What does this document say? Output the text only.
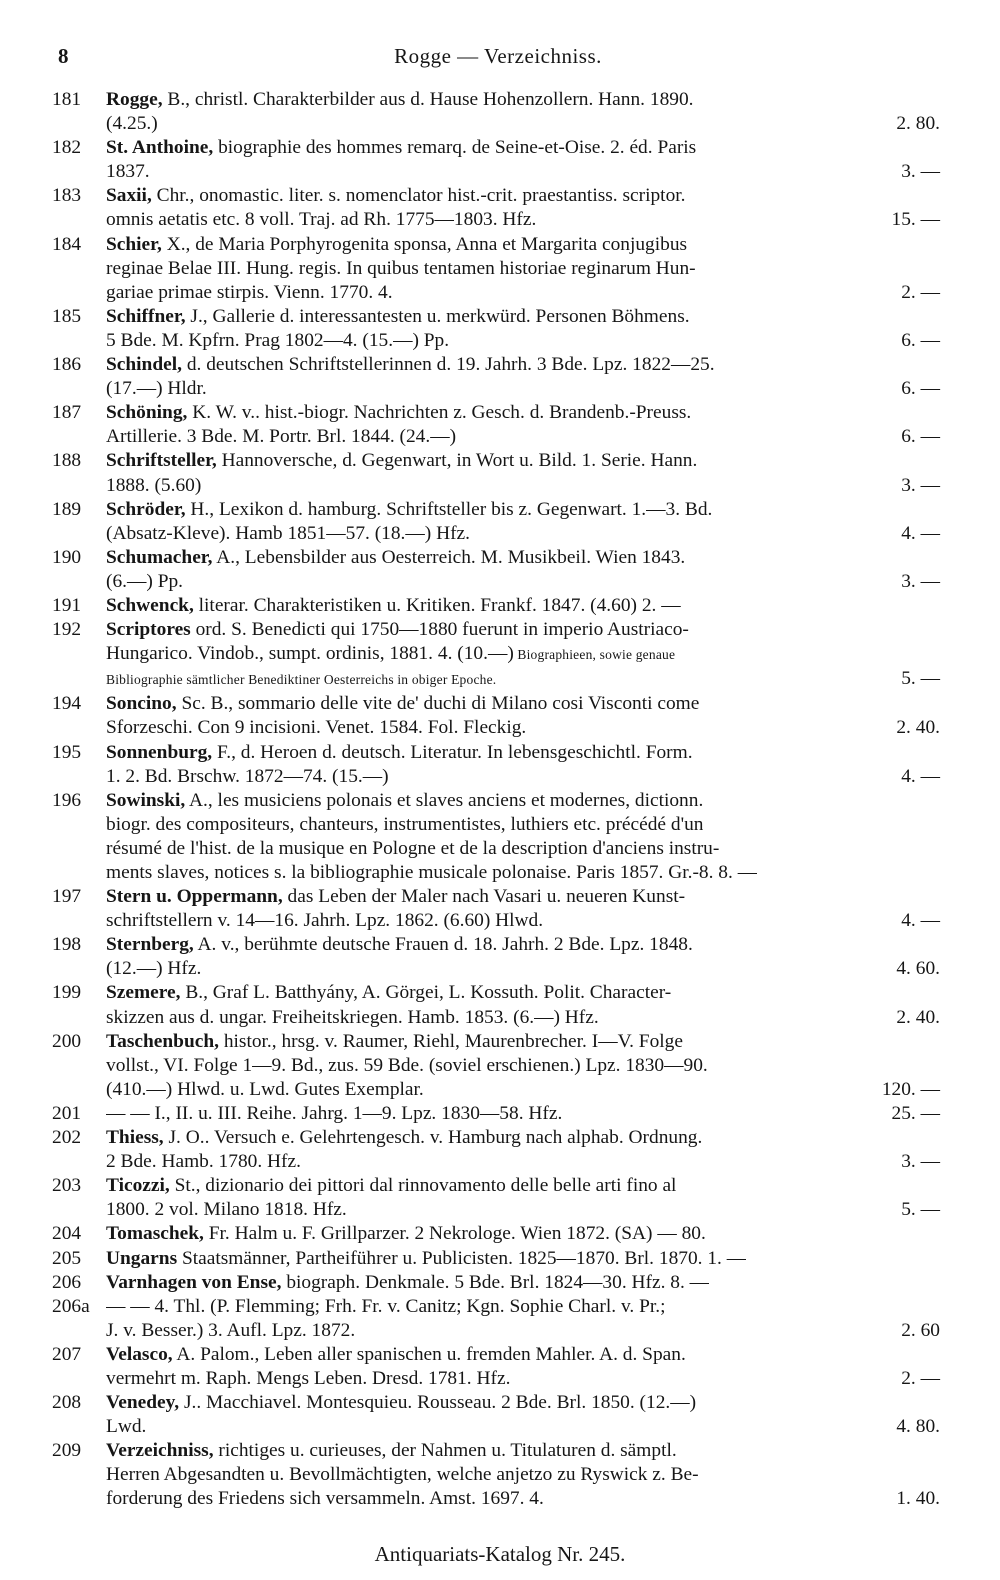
8	Rogge — Verzeichniss.
181	Rogge, B., christl. Charakterbilder aus d. Hause Hohenzollern. Hann. 1890.
(4.25.)	2. 80.
182	St. Anthoine, biographie des hommes remarq. de Seine-et-Oise. 2. éd. Paris
1837.	3. —
183	Saxii, Chr., onomastic. liter. s. nomenclator hist.-crit. praestantiss. scriptor.
omnis aetatis etc. 8 voll. Traj. ad Rh. 1775—1803. Hfz.	15. —
184	Schier, X., de Maria Porphyrogenita sponsa, Anna et Margarita conjugibus
reginae Belae III. Hung. regis. In quibus tentamen historiae reginarum Hun-
gariae primae stirpis. Vienn. 1770. 4.	2. —
185	Schiffner, J., Gallerie d. interessantesten u. merkwürd. Personen Böhmens.
5 Bde. M. Kpfrn. Prag 1802—4. (15.—) Pp.	6. —
186	Schindel, d. deutschen Schriftstellerinnen d. 19. Jahrh. 3 Bde. Lpz. 1822—25.
(17.—) Hldr.	6. —
187	Schöning, K. W. v.. hist.-biogr. Nachrichten z. Gesch. d. Brandenb.-Preuss.
Artillerie. 3 Bde. M. Portr. Brl. 1844. (24.—)	6. —
188	Schriftsteller, Hannoversche, d. Gegenwart, in Wort u. Bild. 1. Serie. Hann.
1888. (5.60)	3. —
189	Schröder, H., Lexikon d. hamburg. Schriftsteller bis z. Gegenwart. 1.—3. Bd.
(Absatz-Kleve). Hamb 1851—57. (18.—) Hfz.	4. —
190	Schumacher, A., Lebensbilder aus Oesterreich. M. Musikbeil. Wien 1843.
(6.—) Pp.	3. —
191	Schwenck, literar. Charakteristiken u. Kritiken. Frankf. 1847. (4.60) 2. —
192	Scriptores ord. S. Benedicti qui 1750—1880 fuerunt in imperio Austriaco-
Hungarico. Vindob., sumpt. ordinis, 1881. 4. (10.—) Biographieen, sowie genaue
Bibliographie sämtlicher Benediktiner Oesterreichs in obiger Epoche.	5. —
194	Soncino, Sc. B., sommario delle vite de' duchi di Milano cosi Visconti come
Sforzeschi. Con 9 incisioni. Venet. 1584. Fol. Fleckig.	2. 40.
195	Sonnenburg, F., d. Heroen d. deutsch. Literatur. In lebensgeschichtl. Form.
1. 2. Bd. Brschw. 1872—74. (15.—)	4. —
196	Sowinski, A., les musiciens polonais et slaves anciens et modernes, dictionn.
biogr. des compositeurs, chanteurs, instrumentistes, luthiers etc. précédé d'un
résumé de l'hist. de la musique en Pologne et de la description d'anciens instru-
ments slaves, notices s. la bibliographie musicale polonaise. Paris 1857. Gr.-8. 8. —
197	Stern u. Oppermann, das Leben der Maler nach Vasari u. neueren Kunst-
schriftstellern v. 14—16. Jahrh. Lpz. 1862. (6.60) Hlwd.	4. —
198	Sternberg, A. v., berühmte deutsche Frauen d. 18. Jahrh. 2 Bde. Lpz. 1848.
(12.—) Hfz.	4. 60.
199	Szemere, B., Graf L. Batthyány, A. Görgei, L. Kossuth. Polit. Character-
skizzen aus d. ungar. Freiheitskriegen. Hamb. 1853. (6.—) Hfz.	2. 40.
200	Taschenbuch, histor., hrsg. v. Raumer, Riehl, Maurenbrecher. I—V. Folge
vollst., VI. Folge 1—9. Bd., zus. 59 Bde. (soviel erschienen.) Lpz. 1830—90.
(410.—) Hlwd. u. Lwd. Gutes Exemplar.	120. —
201	— — I., II. u. III. Reihe. Jahrg. 1—9. Lpz. 1830—58. Hfz.	25. —
202	Thiess, J. O.. Versuch e. Gelehrtengesch. v. Hamburg nach alphab. Ordnung.
2 Bde. Hamb. 1780. Hfz.	3. —
203	Ticozzi, St., dizionario dei pittori dal rinnovamento delle belle arti fino al
1800. 2 vol. Milano 1818. Hfz.	5. —
204	Tomaschek, Fr. Halm u. F. Grillparzer. 2 Nekrologe. Wien 1872. (SA) — 80.
205	Ungarns Staatsmänner, Partheiführer u. Publicisten. 1825—1870. Brl. 1870. 1. —
206	Varnhagen von Ense, biograph. Denkmale. 5 Bde. Brl. 1824—30. Hfz. 8. —
206a — — 4. Thl. (P. Flemming; Frh. Fr. v. Canitz; Kgn. Sophie Charl. v. Pr.;
J. v. Besser.) 3. Aufl. Lpz. 1872.	2. 60
207	Velasco, A. Palom., Leben aller spanischen u. fremden Mahler. A. d. Span.
vermehrt m. Raph. Mengs Leben. Dresd. 1781. Hfz.	2. —
208	Venedey, J.. Macchiavel. Montesquieu. Rousseau. 2 Bde. Brl. 1850. (12.—)
Lwd.	4. 80.
209	Verzeichniss, richtiges u. curieuses, der Nahmen u. Titulaturen d. sämptl.
Herren Abgesandten u. Bevollmächtigten, welche anjetzo zu Ryswick z. Be-
forderung des Friedens sich versammeln. Amst. 1697. 4.	1. 40.
Antiquariats-Katalog Nr. 245.
